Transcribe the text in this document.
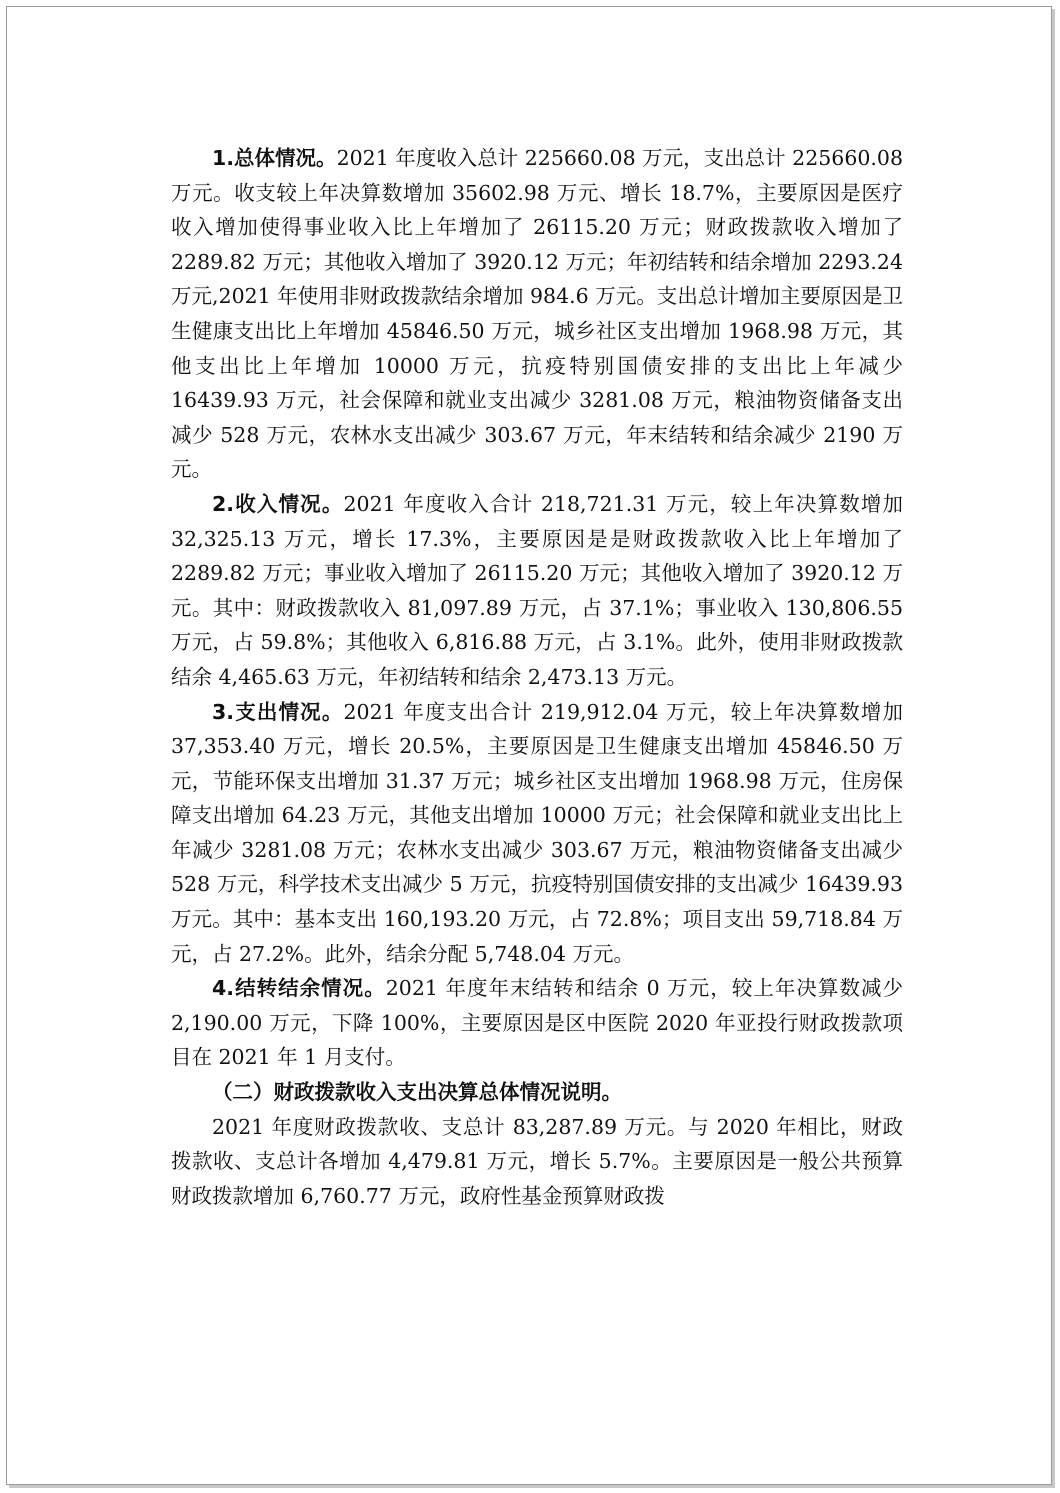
1.总体情况。2021 年度收入总计 225660.08 万元，支出总计 225660.08 万元。收支较上年决算数增加 35602.98 万元、增长 18.7%，主要原因是医疗收入增加使得事业收入比上年增加了 26115.20 万元；财政拨款收入增加了 2289.82 万元；其他收入增加了 3920.12 万元；年初结转和结余增加 2293.24 万元,2021 年使用非财政拨款结余增加 984.6 万元。支出总计增加主要原因是卫生健康支出比上年增加 45846.50 万元，城乡社区支出增加 1968.98 万元，其他支出比上年增加 10000 万元，抗疫特别国债安排的支出比上年减少 16439.93 万元，社会保障和就业支出减少 3281.08 万元，粮油物资储备支出减少 528 万元，农林水支出减少 303.67 万元，年末结转和结余减少 2190 万元。

2.收入情况。2021 年度收入合计 218,721.31 万元，较上年决算数增加 32,325.13 万元，增长 17.3%，主要原因是是财政拨款收入比上年增加了 2289.82 万元；事业收入增加了 26115.20 万元；其他收入增加了 3920.12 万元。其中：财政拨款收入 81,097.89 万元，占 37.1%；事业收入 130,806.55 万元，占 59.8%；其他收入 6,816.88 万元，占 3.1%。此外，使用非财政拨款结余 4,465.63 万元，年初结转和结余 2,473.13 万元。

3.支出情况。2021 年度支出合计 219,912.04 万元，较上年决算数增加 37,353.40 万元，增长 20.5%，主要原因是卫生健康支出增加 45846.50 万元，节能环保支出增加 31.37 万元；城乡社区支出增加 1968.98 万元，住房保障支出增加 64.23 万元，其他支出增加 10000 万元；社会保障和就业支出比上年减少 3281.08 万元；农林水支出减少 303.67 万元，粮油物资储备支出减少 528 万元，科学技术支出减少 5 万元，抗疫特别国债安排的支出减少 16439.93 万元。其中：基本支出 160,193.20 万元，占 72.8%；项目支出 59,718.84 万元，占 27.2%。此外，结余分配 5,748.04 万元。

4.结转结余情况。2021 年度年末结转和结余 0 万元，较上年决算数减少 2,190.00 万元，下降 100%，主要原因是区中医院 2020 年亚投行财政拨款项目在 2021 年 1 月支付。

（二）财政拨款收入支出决算总体情况说明。

2021 年度财政拨款收、支总计 83,287.89 万元。与 2020 年相比，财政拨款收、支总计各增加 4,479.81 万元，增长 5.7%。主要原因是一般公共预算财政拨款增加 6,760.77 万元，政府性基金预算财政拨
